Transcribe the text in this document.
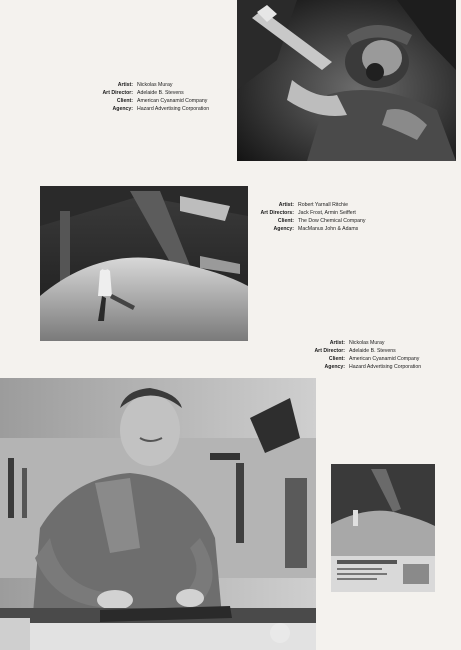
Artist: Nickolas Muray
Art Director: Adelaide B. Stevens
Client: American Cyanamid Company
Agency: Hazard Advertising Corporation
Artist: Robert Yarnall Ritchie
Art Directors: Jack Frost, Armin Seiffert
Client: The Dow Chemical Company
Agency: MacManus John & Adams
Artist: Nickolas Muray
Art Director: Adelaide B. Stevens
Client: American Cyanamid Company
Agency: Hazard Advertising Corporation
